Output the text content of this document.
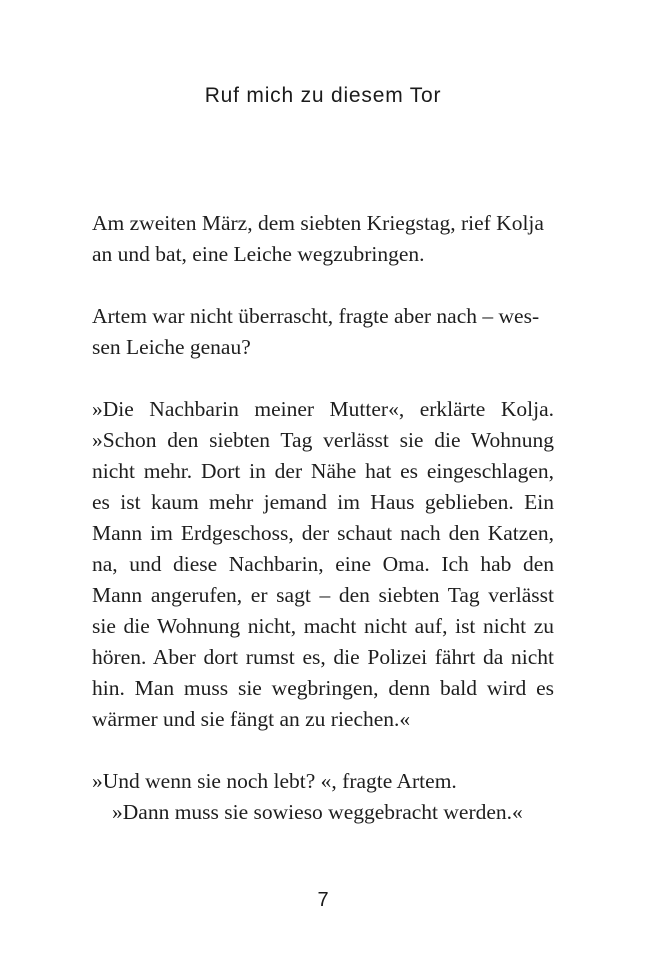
Ruf mich zu diesem Tor
Am zweiten März, dem siebten Kriegstag, rief Kolja
an und bat, eine Leiche wegzubringen.
Artem war nicht überrascht, fragte aber nach – wes-
sen Leiche genau?
»Die Nachbarin meiner Mutter«, erklärte Kolja.
»Schon den siebten Tag verlässt sie die Wohnung
nicht mehr. Dort in der Nähe hat es eingeschlagen,
es ist kaum mehr jemand im Haus geblieben. Ein
Mann im Erdgeschoss, der schaut nach den Katzen,
na, und diese Nachbarin, eine Oma. Ich hab den
Mann angerufen, er sagt – den siebten Tag verlässt
sie die Wohnung nicht, macht nicht auf, ist nicht zu
hören. Aber dort rumst es, die Polizei fährt da nicht
hin. Man muss sie wegbringen, denn bald wird es
wärmer und sie fängt an zu riechen.«
»Und wenn sie noch lebt? «, fragte Artem.
»Dann muss sie sowieso weggebracht werden.«
7
